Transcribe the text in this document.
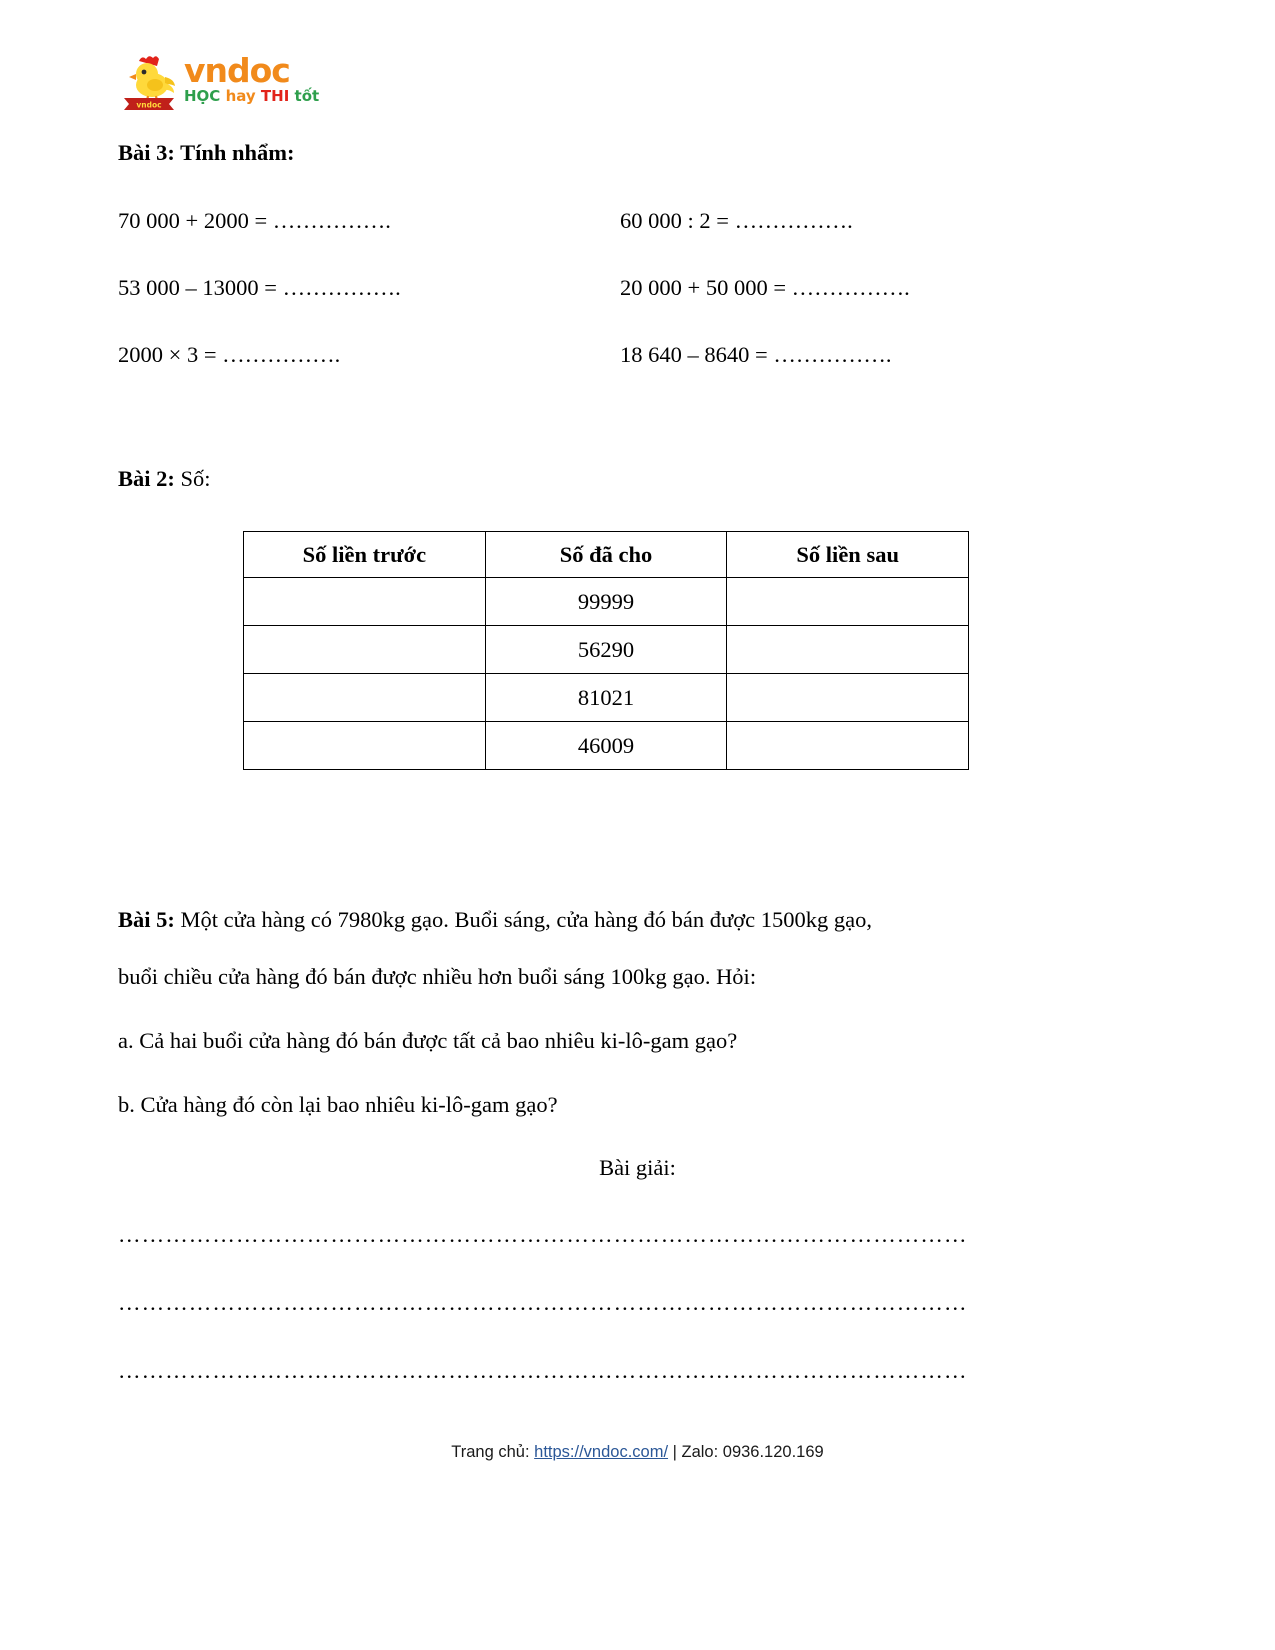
vndoc
vndoc
HỌC hay THI tốt
Bài 3: Tính nhẩm:
70 000 + 2000 = …………….	60 000 : 2 = …………….
53 000 – 13000 = …………….	20 000 + 50 000 = …………….
2000 × 3 = …………….	18 640 – 8640 = …………….
Bài 2: Số:
Số liền trước	Số đã cho	Số liền sau
	99999	
	56290	
	81021	
	46009	
Bài 5: Một cửa hàng có 7980kg gạo. Buổi sáng, cửa hàng đó bán được 1500kg gạo,
buổi chiều cửa hàng đó bán được nhiều hơn buổi sáng 100kg gạo. Hỏi:
a. Cả hai buổi cửa hàng đó bán được tất cả bao nhiêu ki-lô-gam gạo?
b. Cửa hàng đó còn lại bao nhiêu ki-lô-gam gạo?
Bài giải:
………………………………………………………………………………………………
………………………………………………………………………………………………
………………………………………………………………………………………………
Trang chủ: https://vndoc.com/ | Zalo: 0936.120.169
